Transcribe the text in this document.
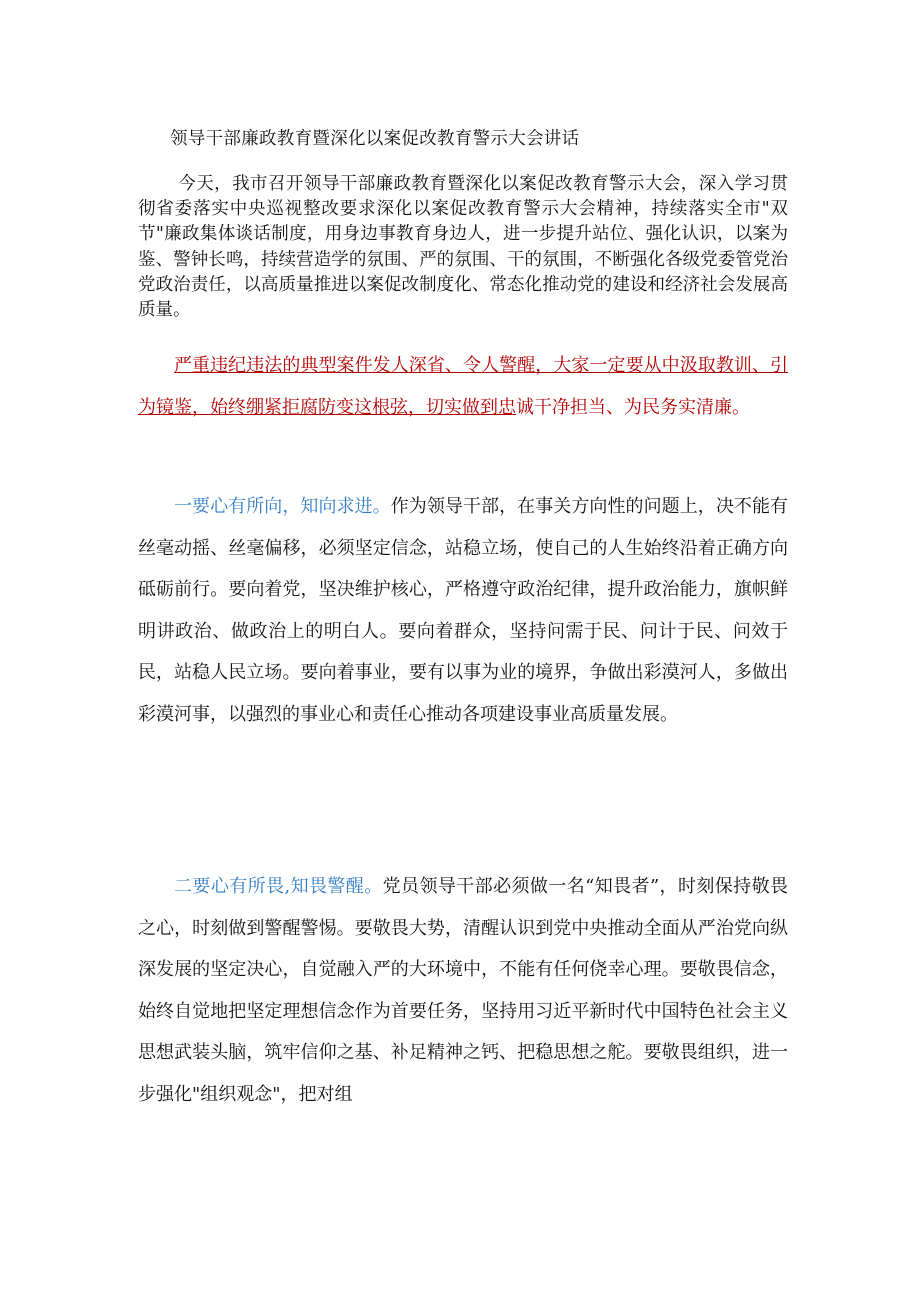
领导干部廉政教育暨深化以案促改教育警示大会讲话

今天，我市召开领导干部廉政教育暨深化以案促改教育警示大会，深入学习贯彻省委落实中央巡视整改要求深化以案促改教育警示大会精神，持续落实全市"双节"廉政集体谈话制度，用身边事教育身边人，进一步提升站位、强化认识，以案为鉴、警钟长鸣，持续营造学的氛围、严的氛围、干的氛围，不断强化各级党委管党治党政治责任，以高质量推进以案促改制度化、常态化推动党的建设和经济社会发展高质量。

严重违纪违法的典型案件发人深省、令人警醒，大家一定要从中汲取教训、引为镜鉴，始终绷紧拒腐防变这根弦，切实做到忠诚干净担当、为民务实清廉。

一要心有所向，知向求进。作为领导干部，在事关方向性的问题上，决不能有丝毫动摇、丝毫偏移，必须坚定信念，站稳立场，使自己的人生始终沿着正确方向砥砺前行。要向着党，坚决维护核心，严格遵守政治纪律，提升政治能力，旗帜鲜明讲政治、做政治上的明白人。要向着群众，坚持问需于民、问计于民、问效于民，站稳人民立场。要向着事业，要有以事为业的境界，争做出彩漠河人，多做出彩漠河事，以强烈的事业心和责任心推动各项建设事业高质量发展。

二要心有所畏,知畏警醒。党员领导干部必须做一名“知畏者”，时刻保持敬畏之心，时刻做到警醒警惕。要敬畏大势，清醒认识到党中央推动全面从严治党向纵深发展的坚定决心，自觉融入严的大环境中，不能有任何侥幸心理。要敬畏信念，始终自觉地把坚定理想信念作为首要任务，坚持用习近平新时代中国特色社会主义思想武装头脑，筑牢信仰之基、补足精神之钙、把稳思想之舵。要敬畏组织，进一步强化"组织观念"，把对组
